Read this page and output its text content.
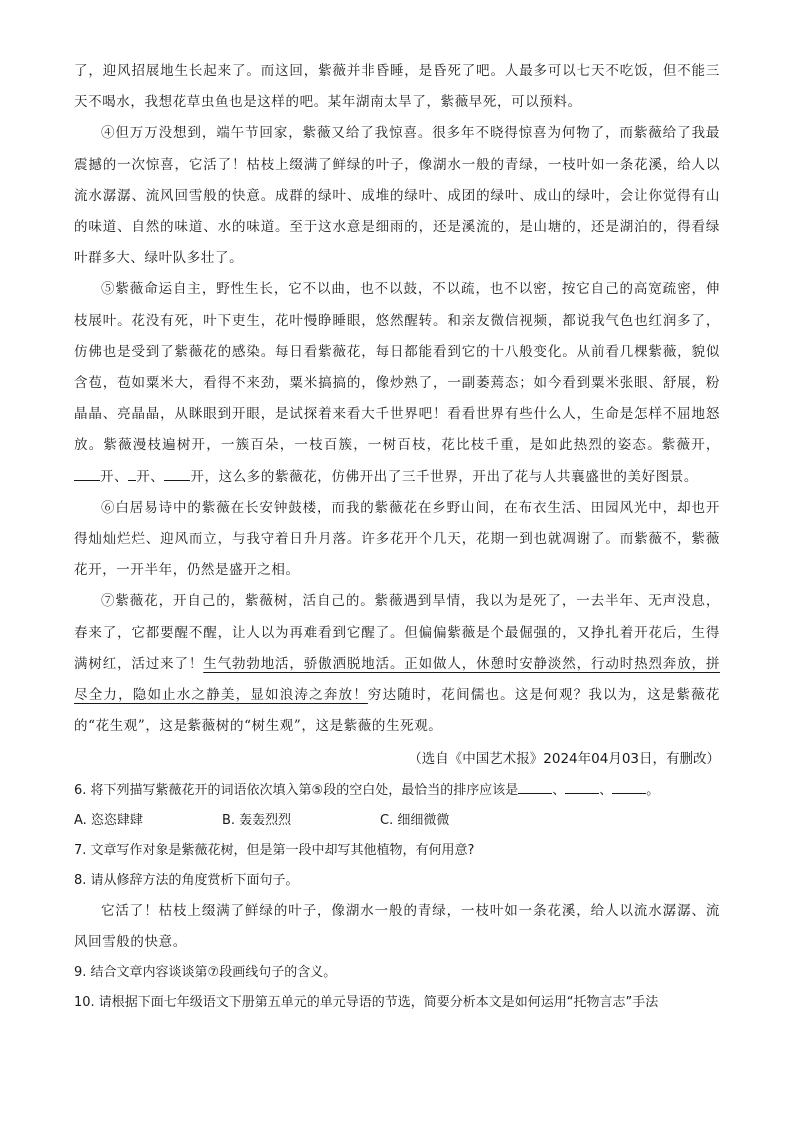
了，迎风招展地生长起来了。而这回，紫薇并非昏睡，是昏死了吧。人最多可以七天不吃饭，但不能三天不喝水，我想花草虫鱼也是这样的吧。某年湖南太旱了，紫薇早死，可以预料。

④但万万没想到，端午节回家，紫薇又给了我惊喜。很多年不晓得惊喜为何物了，而紫薇给了我最震撼的一次惊喜，它活了！枯枝上缀满了鲜绿的叶子，像湖水一般的青绿，一枝叶如一条花溪，给人以流水潺潺、流风回雪般的快意。成群的绿叶、成堆的绿叶、成团的绿叶、成山的绿叶，会让你觉得有山的味道、自然的味道、水的味道。至于这水意是细雨的，还是溪流的，是山塘的，还是湖泊的，得看绿叶群多大、绿叶队多壮了。

⑤紫薇命运自主，野性生长，它不以曲，也不以鼓，不以疏，也不以密，按它自己的高宽疏密，伸枝展叶。花没有死，叶下吏生，花叶慢睁睡眼，悠然醒转。和亲友微信视频，都说我气色也红润多了，仿佛也是受到了紫薇花的感染。每日看紫薇花，每日都能看到它的十八般变化。从前看几棵紫薇，貌似含苞，苞如粟米大，看得不来劲，粟米搞搞的，像炒熟了，一副萎蔫态；如今看到粟米张眼、舒展，粉晶晶、亮晶晶，从眯眼到开眼，是试探着来看大千世界吧！看看世界有些什么人，生命是怎样不屈地怒放。紫薇漫枝遍树开，一簇百朵，一枝百簇，一树百枝，花比枝千重，是如此热烈的姿态。紫薇开，开、 开、 开，这么多的紫薇花，仿佛开出了三千世界，开出了花与人共襄盛世的美好图景。

⑥白居易诗中的紫薇在长安钟鼓楼，而我的紫薇花在乡野山间，在布衣生活、田园风光中，却也开得灿灿烂烂、迎风而立，与我守着日升月落。许多花开个几天，花期一到也就凋谢了。而紫薇不，紫薇花开，一开半年，仍然是盛开之相。

⑦紫薇花，开自己的，紫薇树，活自己的。紫薇遇到旱情，我以为是死了，一去半年、无声没息，春来了，它都要醒不醒，让人以为再难看到它醒了。但偏偏紫薇是个最倔强的，又挣扎着开花后，生得满树红，活过来了！生气勃勃地活，骄傲洒脱地活。正如做人，休憩时安静淡然，行动时热烈奔放，拼尽全力，隐如止水之静美，显如浪涛之奔放！穷达随时，花间儒也。这是何观？我以为，这是紫薇花的“花生观”，这是紫薇树的“树生观”，这是紫薇的生死观。

（选自《中国艺术报》2024年04月03日，有删改）

6. 将下列描写紫薇花开的词语依次填入第⑤段的空白处，最恰当的排序应该是	、	、	。

A. 恣恣肆肆	B. 轰轰烈烈	C. 细细微微

7. 文章写作对象是紫薇花树，但是第一段中却写其他植物，有何用意?

8. 请从修辞方法的角度赏析下面句子。

它活了！枯枝上缀满了鲜绿的叶子，像湖水一般的青绿，一枝叶如一条花溪，给人以流水潺潺、流风回雪般的快意。

9. 结合文章内容谈谈第⑦段画线句子的含义。

10. 请根据下面七年级语文下册第五单元的单元导语的节选，简要分析本文是如何运用“托物言志”手法
